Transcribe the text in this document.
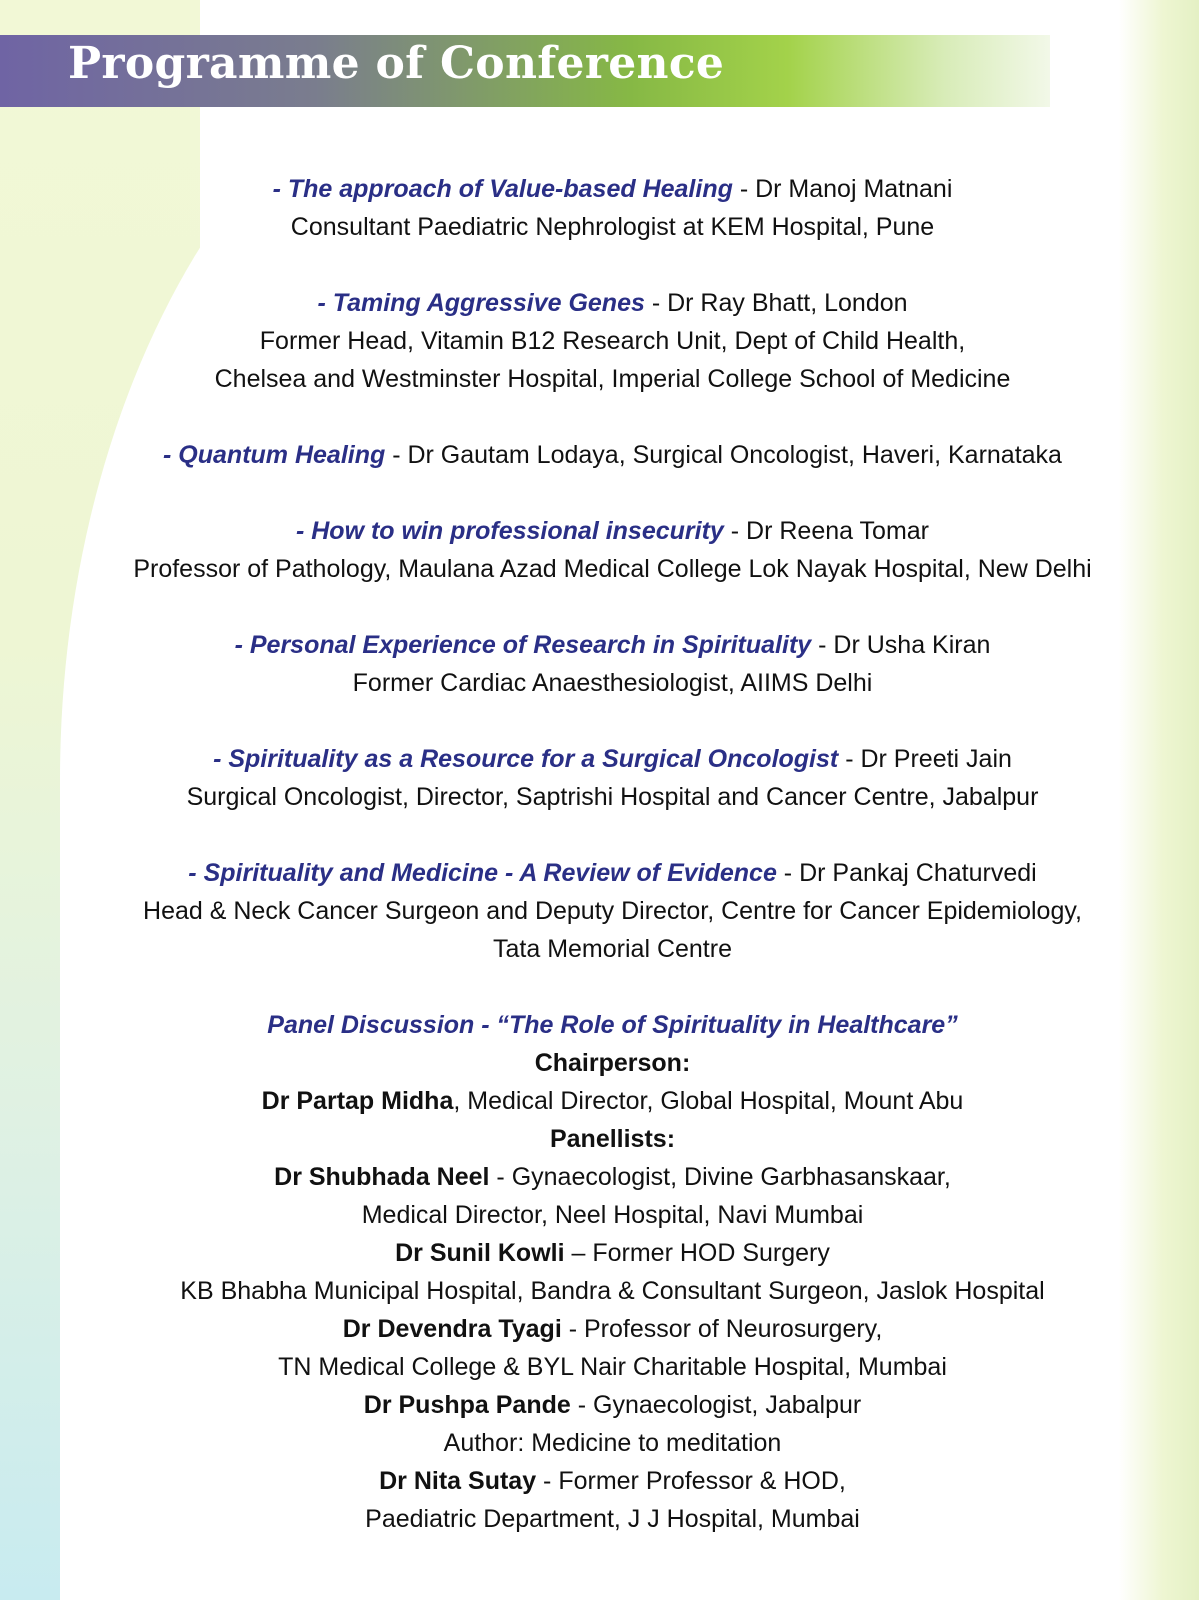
Programme of Conference
- The approach of Value-based Healing - Dr Manoj Matnani
Consultant Paediatric Nephrologist at KEM Hospital, Pune
- Taming Aggressive Genes - Dr Ray Bhatt, London
Former Head, Vitamin B12 Research Unit, Dept of Child Health,
Chelsea and Westminster Hospital, Imperial College School of Medicine
- Quantum Healing - Dr Gautam Lodaya, Surgical Oncologist, Haveri, Karnataka
- How to win professional insecurity - Dr Reena Tomar
Professor of Pathology, Maulana Azad Medical College Lok Nayak Hospital, New Delhi
- Personal Experience of Research in Spirituality - Dr Usha Kiran
Former Cardiac Anaesthesiologist, AIIMS Delhi
- Spirituality as a Resource for a Surgical Oncologist - Dr Preeti Jain
Surgical Oncologist, Director, Saptrishi Hospital and Cancer Centre, Jabalpur
- Spirituality and Medicine - A Review of Evidence - Dr Pankaj Chaturvedi
Head & Neck Cancer Surgeon and Deputy Director, Centre for Cancer Epidemiology,
Tata Memorial Centre
Panel Discussion - “The Role of Spirituality in Healthcare”
Chairperson:
Dr Partap Midha, Medical Director, Global Hospital, Mount Abu
Panellists:
Dr Shubhada Neel - Gynaecologist, Divine Garbhasanskaar,
Medical Director, Neel Hospital, Navi Mumbai
Dr Sunil Kowli – Former HOD Surgery
KB Bhabha Municipal Hospital, Bandra & Consultant Surgeon, Jaslok Hospital
Dr Devendra Tyagi - Professor of Neurosurgery,
TN Medical College & BYL Nair Charitable Hospital, Mumbai
Dr Pushpa Pande - Gynaecologist, Jabalpur
Author: Medicine to meditation
Dr Nita Sutay - Former Professor & HOD,
Paediatric Department, J J Hospital, Mumbai
